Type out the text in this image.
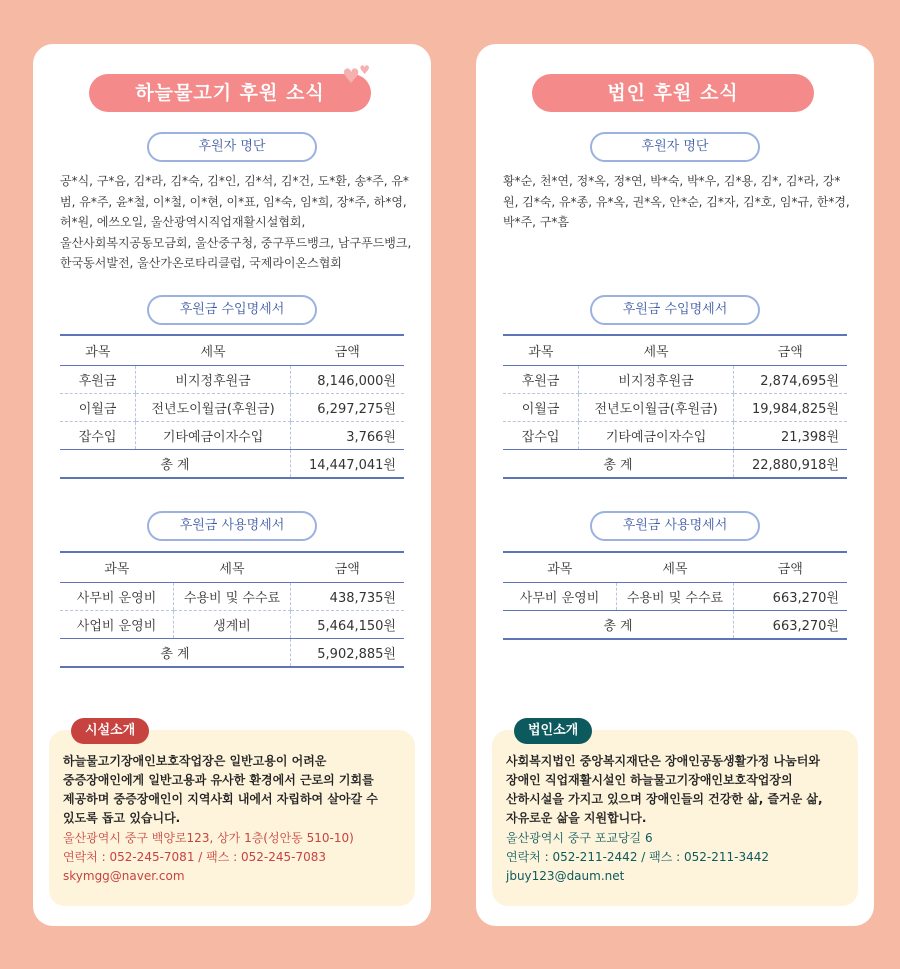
하늘물고기 후원 소식
♥
♥
후원자 명단
공*식, 구*음, 김*라, 김*숙, 김*인, 김*석, 김*건, 도*환, 송*주, 유*범, 유*주, 윤*철, 이*철, 이*현, 이*표, 임*숙, 임*희, 장*주, 하*영, 허*원, 에쓰오일, 울산광역시직업재활시설협회, 울산사회복지공동모금회, 울산중구청, 중구푸드뱅크, 남구푸드뱅크, 한국동서발전, 울산가온로타리클럽, 국제라이온스협회
후원금 수입명세서
과목	세목	금액
후원금	비지정후원금	8,146,000원
이월금	전년도이월금(후원금)	6,297,275원
잡수입	기타예금이자수입	3,766원
총 계		14,447,041원
후원금 사용명세서
과목	세목	금액
사무비 운영비	수용비 및 수수료	438,735원
사업비 운영비	생계비	5,464,150원
총 계		5,902,885원
시설소개
하늘물고기장애인보호작업장은 일반고용이 어려운 중증장애인에게 일반고용과 유사한 환경에서 근로의 기회를 제공하며 중증장애인이 지역사회 내에서 자립하여 살아갈 수 있도록 돕고 있습니다.
울산광역시 중구 백양로123, 상가 1층(성안동 510-10)
연락처 : 052-245-7081 / 팩스 : 052-245-7083
skymgg@naver.com
법인 후원 소식
후원자 명단
황*순, 천*연, 정*옥, 정*연, 박*숙, 박*우, 김*용, 김*, 김*라, 강*원, 김*숙, 유*종, 유*옥, 권*옥, 안*순, 김*자, 김*호, 임*규, 한*경, 박*주, 구*흠
후원금 수입명세서
과목	세목	금액
후원금	비지정후원금	2,874,695원
이월금	전년도이월금(후원금)	19,984,825원
잡수입	기타예금이자수입	21,398원
총 계		22,880,918원
후원금 사용명세서
과목	세목	금액
사무비 운영비	수용비 및 수수료	663,270원
총 계		663,270원
법인소개
사회복지법인 중앙복지재단은 장애인공동생활가정 나눔터와 장애인 직업재활시설인 하늘물고기장애인보호작업장의 산하시설을 가지고 있으며 장애인들의 건강한 삶, 즐거운 삶, 자유로운 삶을 지원합니다.
울산광역시 중구 포교당길 6
연락처 : 052-211-2442 / 팩스 : 052-211-3442
jbuy123@daum.net
